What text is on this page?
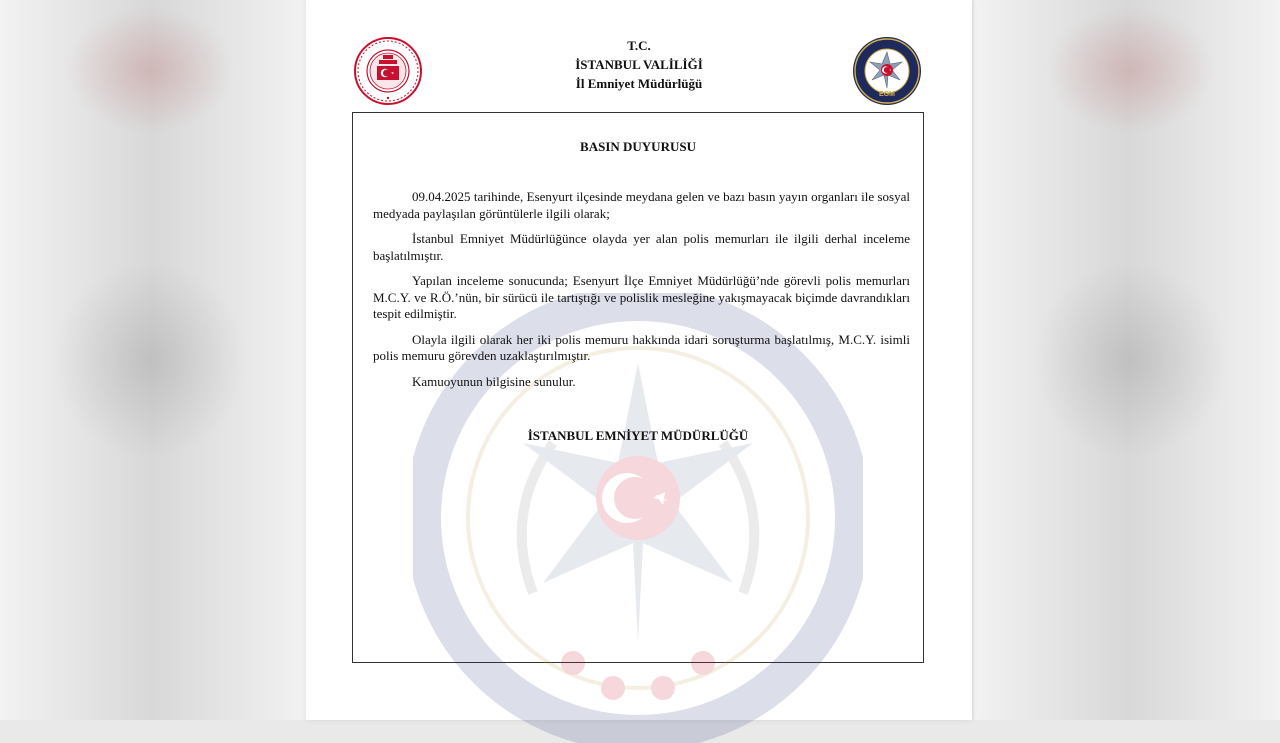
T.C.
İSTANBUL VALİLİĞİ
İl Emniyet Müdürlüğü
EGM
BASIN DUYURUSU

09.04.2025 tarihinde, Esenyurt ilçesinde meydana gelen ve bazı basın yayın organları ile sosyal medyada paylaşılan görüntülerle ilgili olarak;

İstanbul Emniyet Müdürlüğünce olayda yer alan polis memurları ile ilgili derhal inceleme başlatılmıştır.

Yapılan inceleme sonucunda; Esenyurt İlçe Emniyet Müdürlüğü’nde görevli polis memurları M.C.Y. ve R.Ö.’nün, bir sürücü ile tartıştığı ve polislik mesleğine yakışmayacak biçimde davrandıkları tespit edilmiştir.

Olayla ilgili olarak her iki polis memuru hakkında idari soruşturma başlatılmış, M.C.Y. isimli polis memuru görevden uzaklaştırılmıştır.

Kamuoyunun bilgisine sunulur.

İSTANBUL EMNİYET MÜDÜRLÜĞÜ
